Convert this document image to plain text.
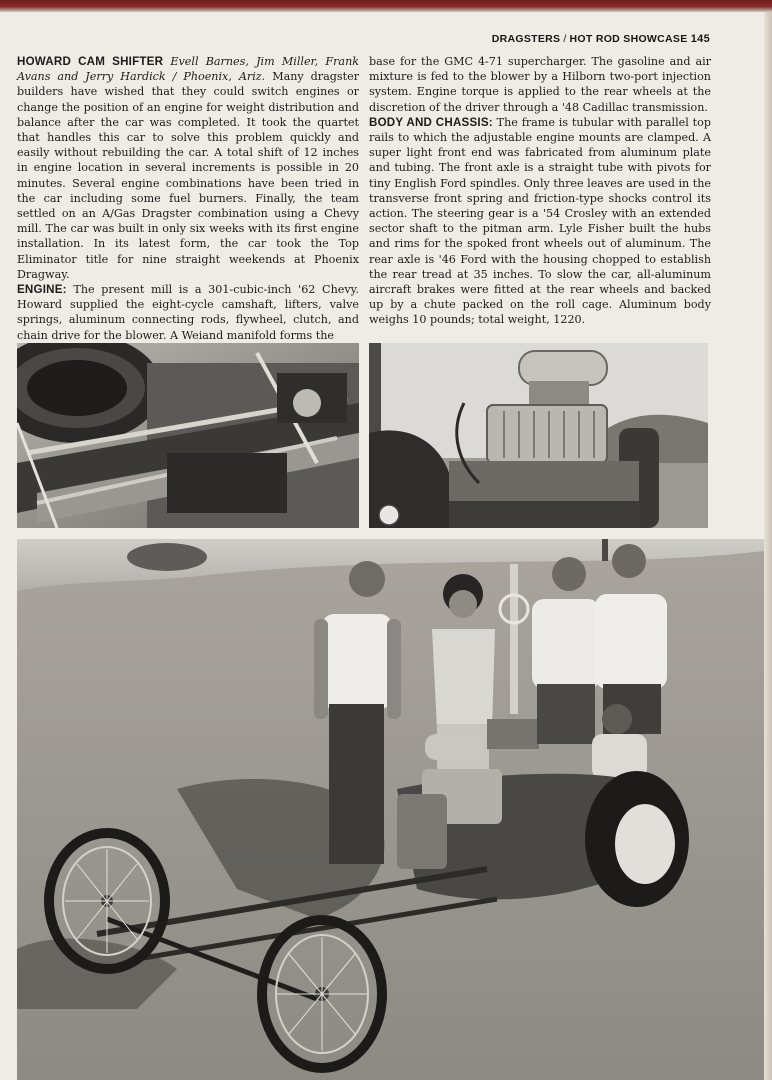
DRAGSTERS / HOT ROD SHOWCASE 145

HOWARD CAM SHIFTER Evell Barnes, Jim Miller, Frank Avans and Jerry Hardick / Phoenix, Ariz. Many dragster builders have wished that they could switch engines or change the position of an engine for weight distribution and balance after the car was completed. It took the quartet that handles this car to solve this problem quickly and easily without rebuilding the car. A total shift of 12 inches in engine location in several increments is possible in 20 minutes. Several engine combinations have been tried in the car including some fuel burners. Finally, the team settled on an A/Gas Dragster combination using a Chevy mill. The car was built in only six weeks with its first engine installation. In its latest form, the car took the Top Eliminator title for nine straight weekends at Phoenix Dragway.

ENGINE: The present mill is a 301-cubic-inch '62 Chevy. Howard supplied the eight-cycle camshaft, lifters, valve springs, aluminum connecting rods, flywheel, clutch, and chain drive for the blower. A Weiand manifold forms the

base for the GMC 4-71 supercharger. The gasoline and air mixture is fed to the blower by a Hilborn two-port injection system. Engine torque is applied to the rear wheels at the discretion of the driver through a '48 Cadillac transmission.

BODY AND CHASSIS: The frame is tubular with parallel top rails to which the adjustable engine mounts are clamped. A super light front end was fabricated from aluminum plate and tubing. The front axle is a straight tube with pivots for tiny English Ford spindles. Only three leaves are used in the transverse front spring and friction-type shocks control its action. The steering gear is a '54 Crosley with an extended sector shaft to the pitman arm. Lyle Fisher built the hubs and rims for the spoked front wheels out of aluminum. The rear axle is '46 Ford with the housing chopped to establish the rear tread at 35 inches. To slow the car, all-aluminum aircraft brakes were fitted at the rear wheels and backed up by a chute packed on the roll cage. Aluminum body weighs 10 pounds; total weight, 1220.
